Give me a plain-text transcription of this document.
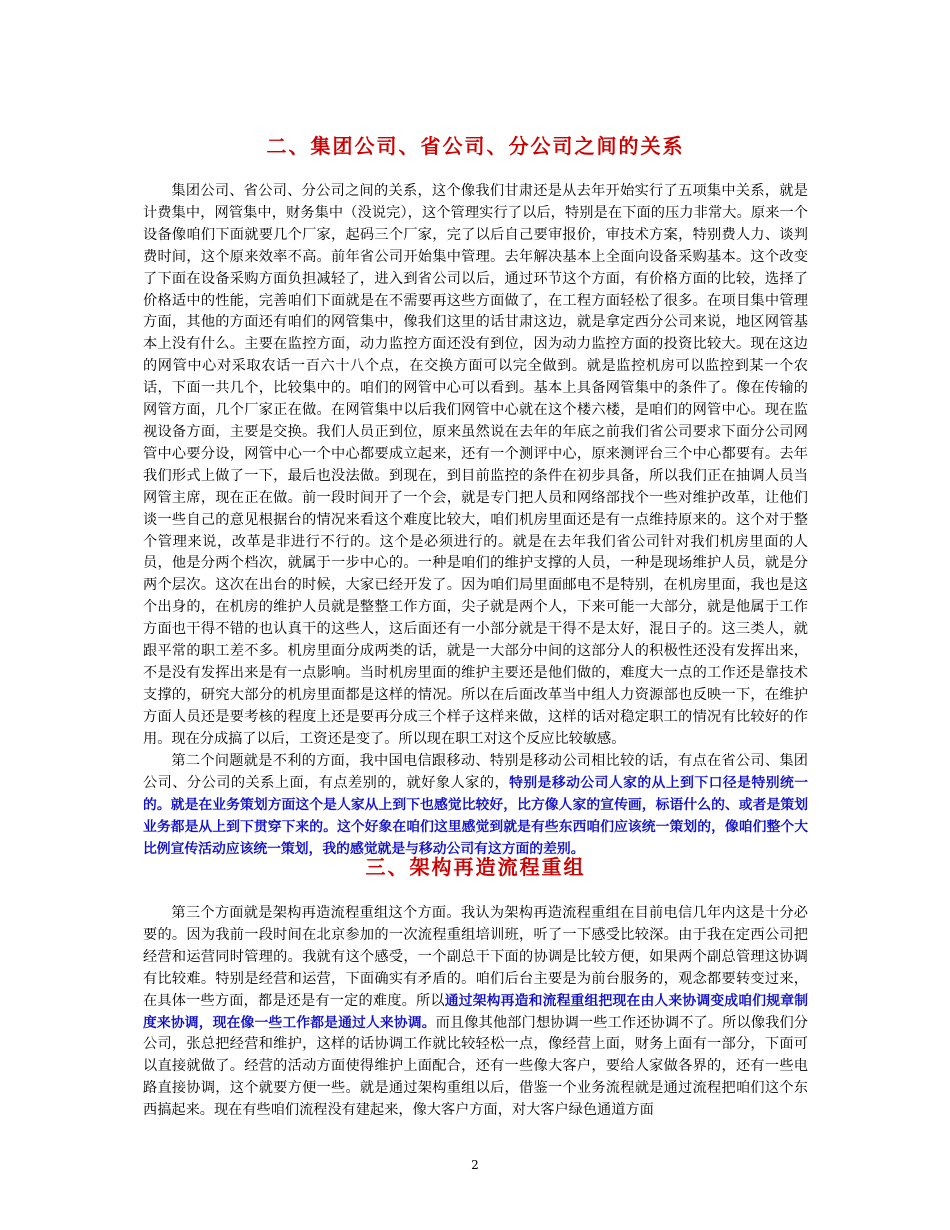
二、集团公司、省公司、分公司之间的关系

集团公司、省公司、分公司之间的关系，这个像我们甘肃还是从去年开始实行了五项集中关系，就是计费集中，网管集中，财务集中（没说完），这个管理实行了以后，特别是在下面的压力非常大。原来一个设备像咱们下面就要几个厂家，起码三个厂家，完了以后自己要审报价，审技术方案，特别费人力、谈判费时间，这个原来效率不高。前年省公司开始集中管理。去年解决基本上全面向设备采购基本。这个改变了下面在设备采购方面负担减轻了，进入到省公司以后，通过环节这个方面，有价格方面的比较，选择了价格适中的性能，完善咱们下面就是在不需要再这些方面做了，在工程方面轻松了很多。在项目集中管理方面，其他的方面还有咱们的网管集中，像我们这里的话甘肃这边，就是拿定西分公司来说，地区网管基本上没有什么。主要在监控方面，动力监控方面还没有到位，因为动力监控方面的投资比较大。现在这边的网管中心对采取农话一百六十八个点，在交换方面可以完全做到。就是监控机房可以监控到某一个农话，下面一共几个，比较集中的。咱们的网管中心可以看到。基本上具备网管集中的条件了。像在传输的网管方面，几个厂家正在做。在网管集中以后我们网管中心就在这个楼六楼，是咱们的网管中心。现在监视设备方面，主要是交换。我们人员正到位，原来虽然说在去年的年底之前我们省公司要求下面分公司网管中心要分设，网管中心一个中心都要成立起来，还有一个测评中心，原来测评台三个中心都要有。去年我们形式上做了一下，最后也没法做。到现在，到目前监控的条件在初步具备，所以我们正在抽调人员当网管主席，现在正在做。前一段时间开了一个会，就是专门把人员和网络部找个一些对维护改革，让他们谈一些自己的意见根据台的情况来看这个难度比较大，咱们机房里面还是有一点维持原来的。这个对于整个管理来说，改革是非进行不行的。这个是必须进行的。就是在去年我们省公司针对我们机房里面的人员，他是分两个档次，就属于一步中心的。一种是咱们的维护支撑的人员，一种是现场维护人员，就是分两个层次。这次在出台的时候，大家已经开发了。因为咱们局里面邮电不是特别，在机房里面，我也是这个出身的，在机房的维护人员就是整整工作方面，尖子就是两个人，下来可能一大部分，就是他属于工作方面也干得不错的也认真干的这些人，这后面还有一小部分就是干得不是太好，混日子的。这三类人，就跟平常的职工差不多。机房里面分成两类的话，就是一大部分中间的这部分人的积极性还没有发挥出来，不是没有发挥出来是有一点影响。当时机房里面的维护主要还是他们做的，难度大一点的工作还是靠技术支撑的，研究大部分的机房里面都是这样的情况。所以在后面改革当中组人力资源部也反映一下，在维护方面人员还是要考核的程度上还是要再分成三个样子这样来做，这样的话对稳定职工的情况有比较好的作用。现在分成搞了以后，工资还是变了。所以现在职工对这个反应比较敏感。

第二个问题就是不利的方面，我中国电信跟移动、特别是移动公司相比较的话，有点在省公司、集团公司、分公司的关系上面，有点差别的，就好象人家的，特别是移动公司人家的从上到下口径是特别统一的。就是在业务策划方面这个是人家从上到下也感觉比较好，比方像人家的宣传画，标语什么的、或者是策划业务都是从上到下贯穿下来的。这个好象在咱们这里感觉到就是有些东西咱们应该统一策划的，像咱们整个大比例宣传活动应该统一策划，我的感觉就是与移动公司有这方面的差别。

三、架构再造流程重组

第三个方面就是架构再造流程重组这个方面。我认为架构再造流程重组在目前电信几年内这是十分必要的。因为我前一段时间在北京参加的一次流程重组培训班，听了一下感受比较深。由于我在定西公司把经营和运营同时管理的。我就有这个感受，一个副总干下面的协调是比较方便，如果两个副总管理这协调有比较难。特别是经营和运营，下面确实有矛盾的。咱们后台主要是为前台服务的，观念都要转变过来，在具体一些方面，都是还是有一定的难度。所以通过架构再造和流程重组把现在由人来协调变成咱们规章制度来协调，现在像一些工作都是通过人来协调。而且像其他部门想协调一些工作还协调不了。所以像我们分公司，张总把经营和维护，这样的话协调工作就比较轻松一点，像经营上面，财务上面有一部分，下面可以直接就做了。经营的活动方面使得维护上面配合，还有一些像大客户，要给人家做各界的，还有一些电路直接协调，这个就要方便一些。就是通过架构重组以后，借鉴一个业务流程就是通过流程把咱们这个东西搞起来。现在有些咱们流程没有建起来，像大客户方面，对大客户绿色通道方面

2
